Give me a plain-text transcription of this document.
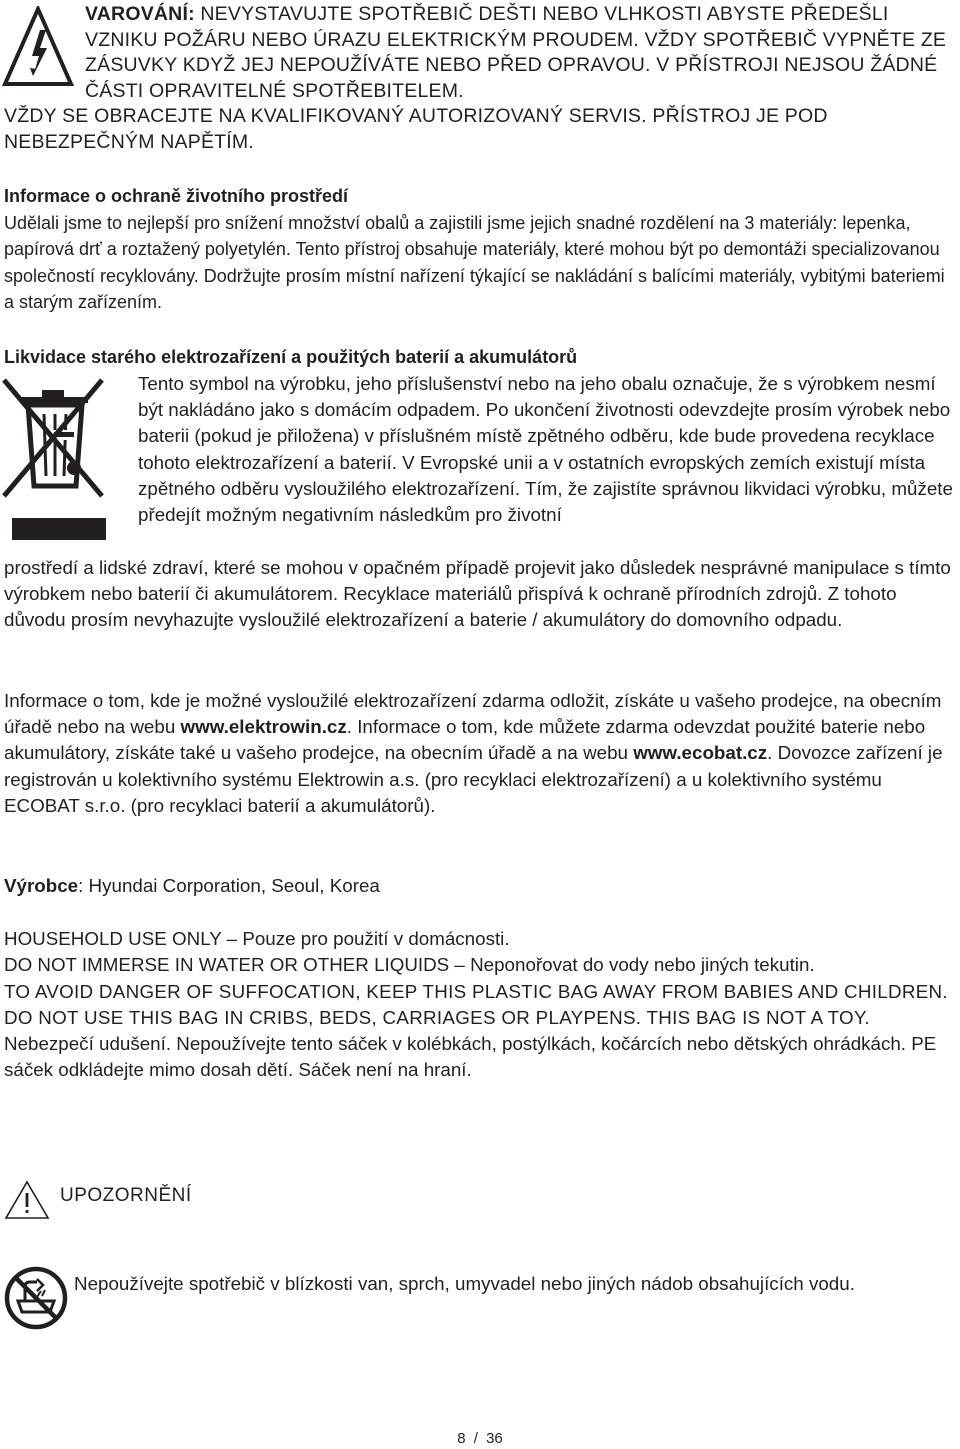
VAROVÁNÍ: NEVYSTAVUJTE SPOTŘEBIČ DEŠTI NEBO VLHKOSTI ABYSTE PŘEDEŠLI VZNIKU POŽÁRU NEBO ÚRAZU ELEKTRICKÝM PROUDEM. VŽDY SPOTŘEBIČ VYPNĚTE ZE ZÁSUVKY KDYŽ JEJ NEPOUŽÍVÁTE NEBO PŘED OPRAVOU. V PŘÍSTROJI NEJSOU ŽÁDNÉ ČÁSTI OPRAVITELNÉ SPOTŘEBITELEM.
VŽDY SE OBRACEJTE NA KVALIFIKOVANÝ AUTORIZOVANÝ SERVIS. PŘÍSTROJ JE POD NEBEZPEČNÝM NAPĚTÍM.

Informace o ochraně životního prostředí

Udělali jsme to nejlepší pro snížení množství obalů a zajistili jsme jejich snadné rozdělení na 3 materiály: lepenka, papírová drť a roztažený polyetylén. Tento přístroj obsahuje materiály, které mohou být po demontáži specializovanou společností recyklovány. Dodržujte prosím místní nařízení týkající se nakládání s balícími materiály, vybitými bateriemi a starým zařízením.

Likvidace starého elektrozařízení a použitých baterií a akumulátorů

Tento symbol na výrobku, jeho příslušenství nebo na jeho obalu označuje, že s výrobkem nesmí být nakládáno jako s domácím odpadem. Po ukončení životnosti odevzdejte prosím výrobek nebo baterii (pokud je přiložena) v příslušném místě zpětného odběru, kde bude provedena recyklace tohoto elektrozařízení a baterií. V Evropské unii a v ostatních evropských zemích existují místa zpětného odběru vysloužilého elektrozařízení. Tím, že zajistíte správnou likvidaci výrobku, můžete předejít možným negativním následkům pro životní
prostředí a lidské zdraví, které se mohou v opačném případě projevit jako důsledek nesprávné manipulace s tímto výrobkem nebo baterií či akumulátorem. Recyklace materiálů přispívá k ochraně přírodních zdrojů. Z tohoto důvodu prosím nevyhazujte vysloužilé elektrozařízení a baterie / akumulátory do domovního odpadu.
Informace o tom, kde je možné vysloužilé elektrozařízení zdarma odložit, získáte u vašeho prodejce, na obecním úřadě nebo na webu www.elektrowin.cz. Informace o tom, kde můžete zdarma odevzdat použité baterie nebo akumulátory, získáte také u vašeho prodejce, na obecním úřadě a na webu www.ecobat.cz. Dovozce zařízení je registrován u kolektivního systému Elektrowin a.s. (pro recyklaci elektrozařízení) a u kolektivního systému ECOBAT s.r.o. (pro recyklaci baterií a akumulátorů).
Výrobce: Hyundai Corporation, Seoul, Korea

HOUSEHOLD USE ONLY – Pouze pro použití v domácnosti.

DO NOT IMMERSE IN WATER OR OTHER LIQUIDS – Neponořovat do vody nebo jiných tekutin.

TO AVOID DANGER OF SUFFOCATION, KEEP THIS PLASTIC BAG AWAY FROM BABIES AND CHILDREN. DO NOT USE THIS BAG IN CRIBS, BEDS, CARRIAGES OR PLAYPENS. THIS BAG IS NOT A TOY.

Nebezpečí udušení. Nepoužívejte tento sáček v kolébkách, postýlkách, kočárcích nebo dětských ohrádkách. PE sáček odkládejte mimo dosah dětí. Sáček není na hraní.

UPOZORNĚNÍ
Nepoužívejte spotřebič v blízkosti van, sprch, umyvadel nebo jiných nádob obsahujících vodu.
8 / 36
